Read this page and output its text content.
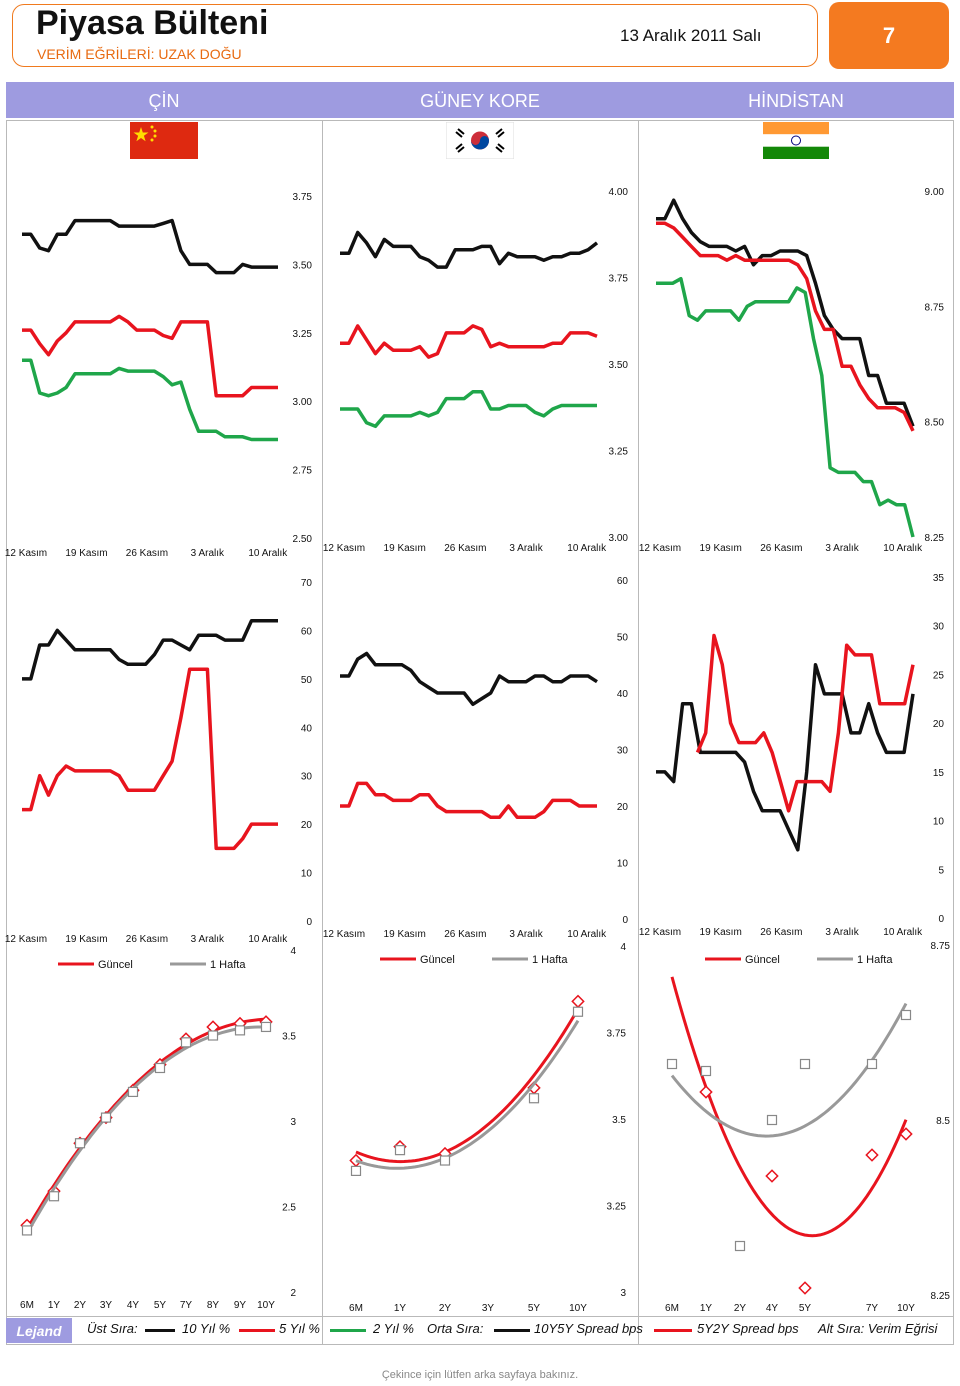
Piyasa Bülteni
VERİM EĞRİLERİ: UZAK DOĞU
13 Aralık 2011 Salı	7
ÇİN	GÜNEY KORE	HİNDİSTAN
3.75
3.50
3.25
3.00
2.75
2.50
12 Kasım 19 Kasım 26 Kasım 3 Aralık 10 Aralık
4.00
3.75
3.50
3.25
3.00
12 Kasım 19 Kasım 26 Kasım 3 Aralık 10 Aralık
9.00
8.75
8.50
8.25
12 Kasım 19 Kasım 26 Kasım 3 Aralık 10 Aralık
70
60
50
40
30
20
10
0
12 Kasım 19 Kasım 26 Kasım 3 Aralık 10 Aralık
60
50
40
30
20
10
0
12 Kasım 19 Kasım 26 Kasım 3 Aralık 10 Aralık
35
30
25
20
15
10
5
0
12 Kasım 19 Kasım 26 Kasım 3 Aralık 10 Aralık
Güncel	1 Hafta	Güncel	1 Hafta	Güncel	1 Hafta
4
3.5
3
2.5
2
6M 1Y 2Y 3Y 4Y 5Y 7Y 8Y 9Y 10Y
4
3.75
3.5
3.25
3
6M	1Y	2Y	3Y	5Y	10Y
8.75
8.5
8.25
6M 1Y 2Y 4Y 5Y	7Y 10Y
Lejand	Üst Sıra:	10 Yıl %	5 Yıl %	2 Yıl % Orta Sıra:	10Y5Y Spread bps	5Y2Y Spread bps Alt Sıra: Verim Eğrisi
Çekince için lütfen arka sayfaya bakınız.
